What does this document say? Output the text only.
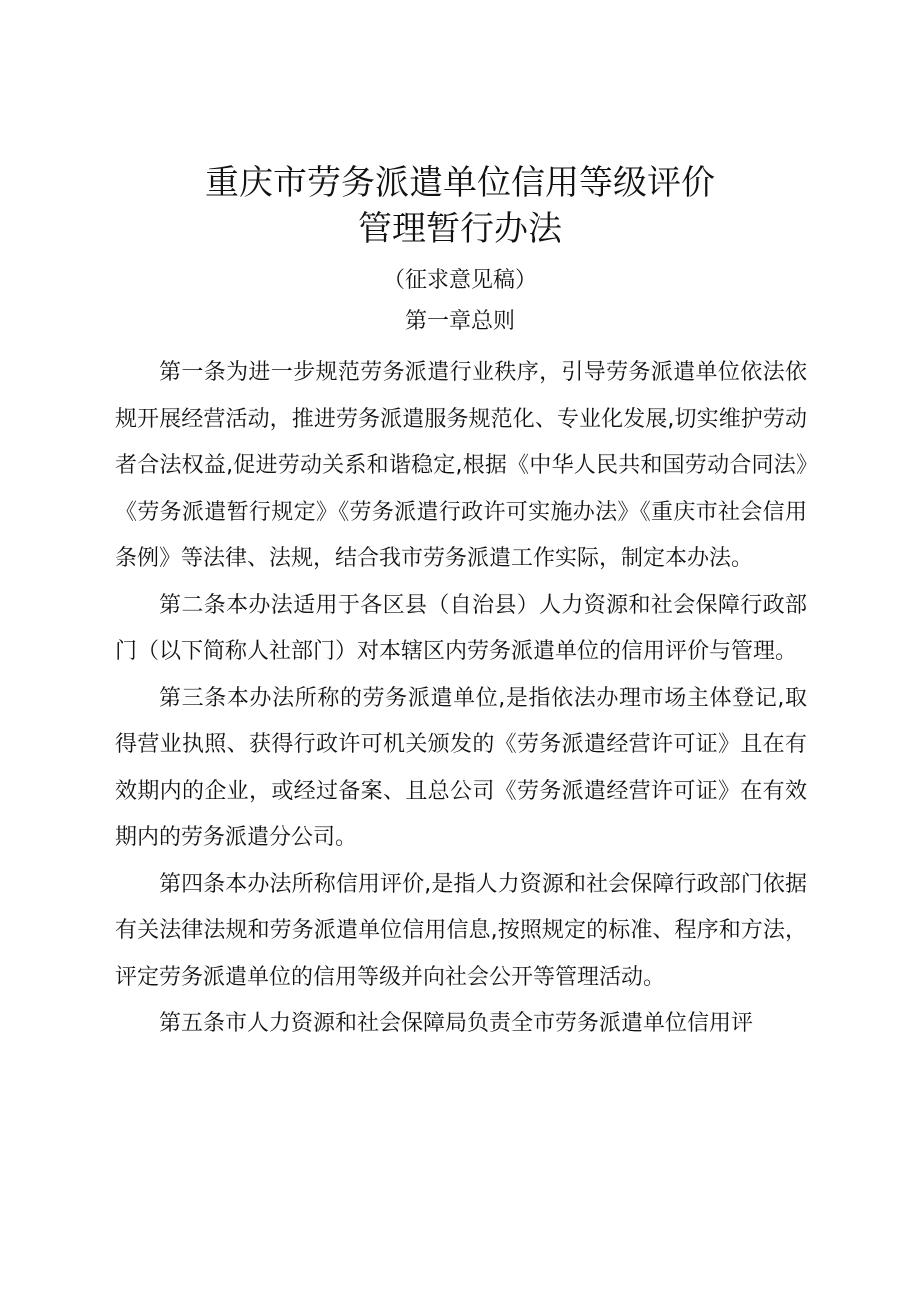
重庆市劳务派遣单位信用等级评价
管理暂行办法
（征求意见稿）
第一章总则

第一条为进一步规范劳务派遣行业秩序，引导劳务派遣单位依法依规开展经营活动，推进劳务派遣服务规范化、专业化发展,切实维护劳动者合法权益,促进劳动关系和谐稳定,根据《中华人民共和国劳动合同法》《劳务派遣暂行规定》《劳务派遣行政许可实施办法》《重庆市社会信用条例》等法律、法规，结合我市劳务派遣工作实际，制定本办法。

第二条本办法适用于各区县（自治县）人力资源和社会保障行政部门（以下简称人社部门）对本辖区内劳务派遣单位的信用评价与管理。

第三条本办法所称的劳务派遣单位,是指依法办理市场主体登记,取得营业执照、获得行政许可机关颁发的《劳务派遣经营许可证》且在有效期内的企业，或经过备案、且总公司《劳务派遣经营许可证》在有效期内的劳务派遣分公司。

第四条本办法所称信用评价,是指人力资源和社会保障行政部门依据有关法律法规和劳务派遣单位信用信息,按照规定的标准、程序和方法，评定劳务派遣单位的信用等级并向社会公开等管理活动。

第五条市人力资源和社会保障局负责全市劳务派遣单位信用评
